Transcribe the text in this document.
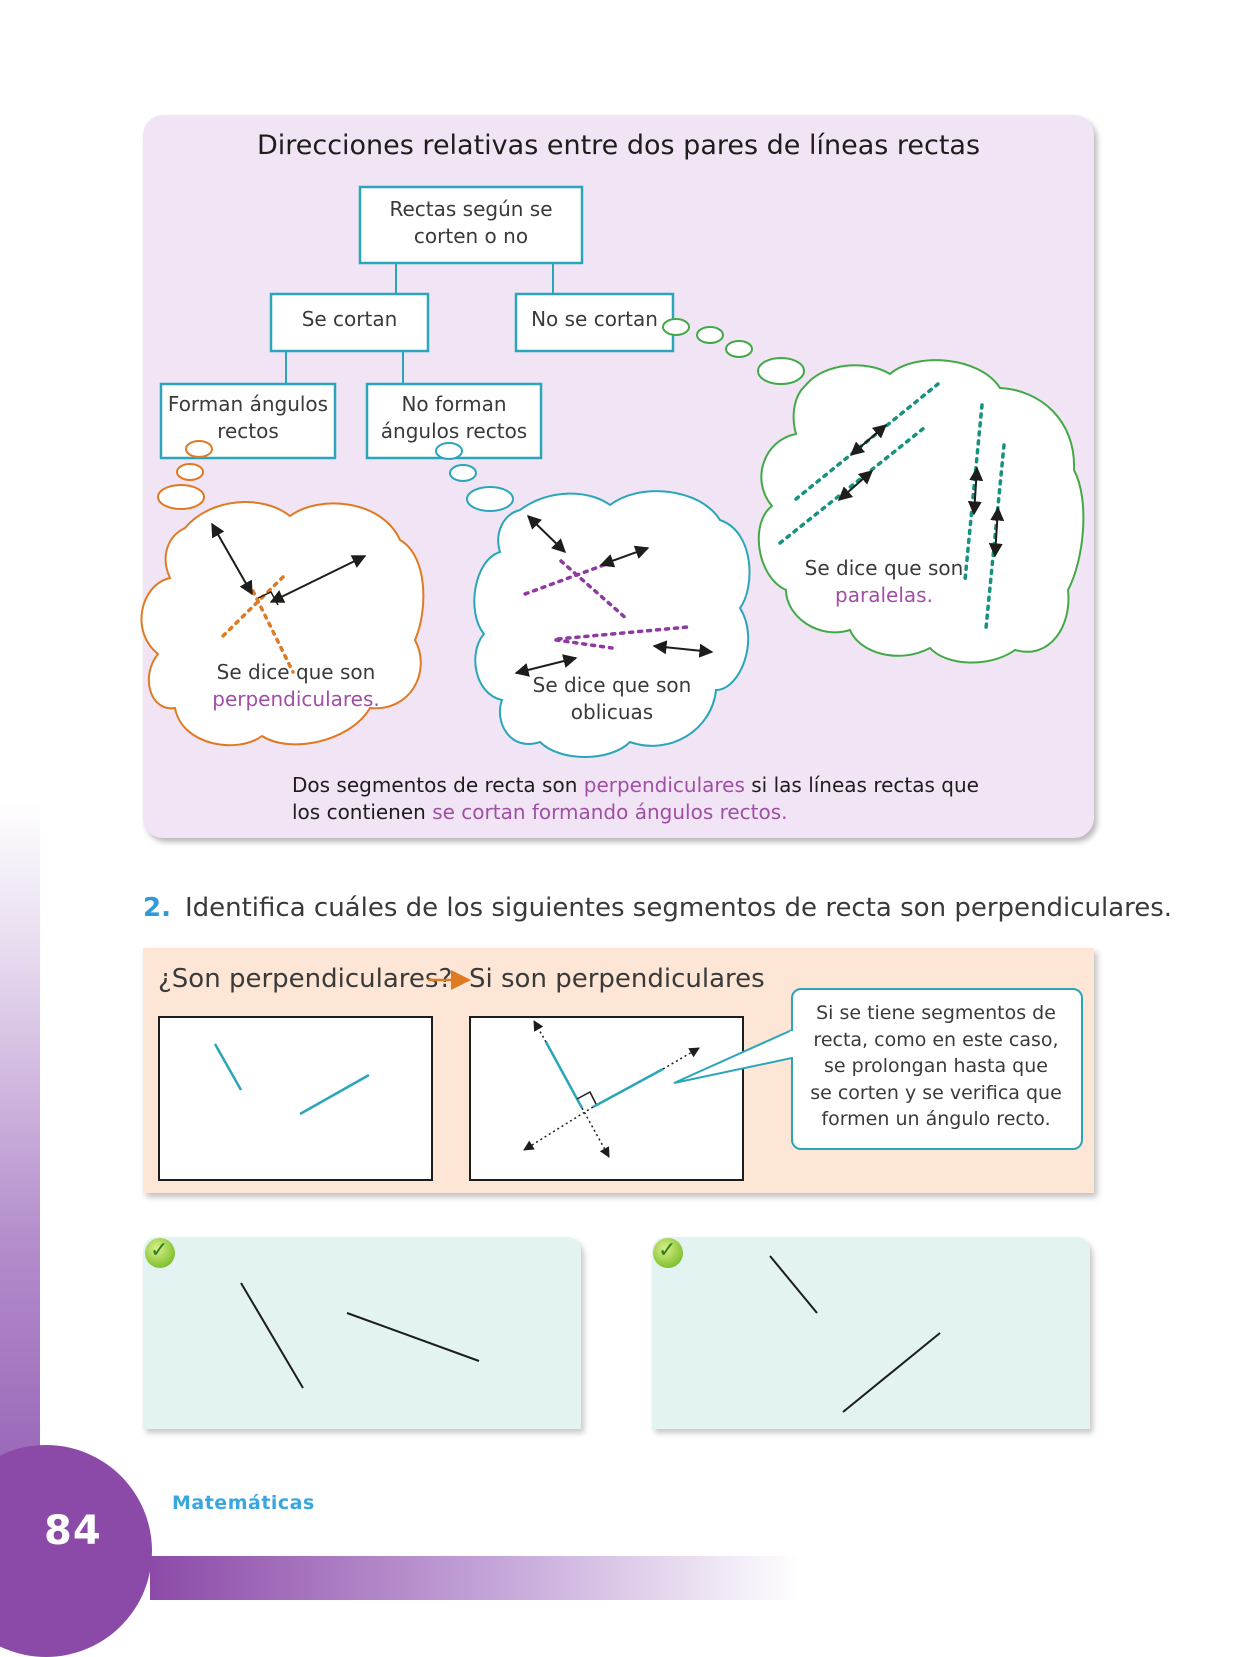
84
Matemáticas
Direcciones relativas entre dos pares de líneas rectas
Rectas según se
corten o no
Se cortan	No se cortan
Forman ángulos
rectos
No forman
ángulos rectos
Se dice que son
perpendiculares.
Se dice que son
oblicuas
Se dice que son
paralelas.
Dos segmentos de recta son perpendiculares si las líneas rectas que
los contienen se cortan formando ángulos rectos.
2. Identifica cuáles de los siguientes segmentos de recta son perpendiculares.
¿Son perpendiculares? Si son perpendiculares
Si se tiene segmentos de
recta, como en este caso,
se prolongan hasta que
se corten y se verifica que
formen un ángulo recto.
✓	✓
